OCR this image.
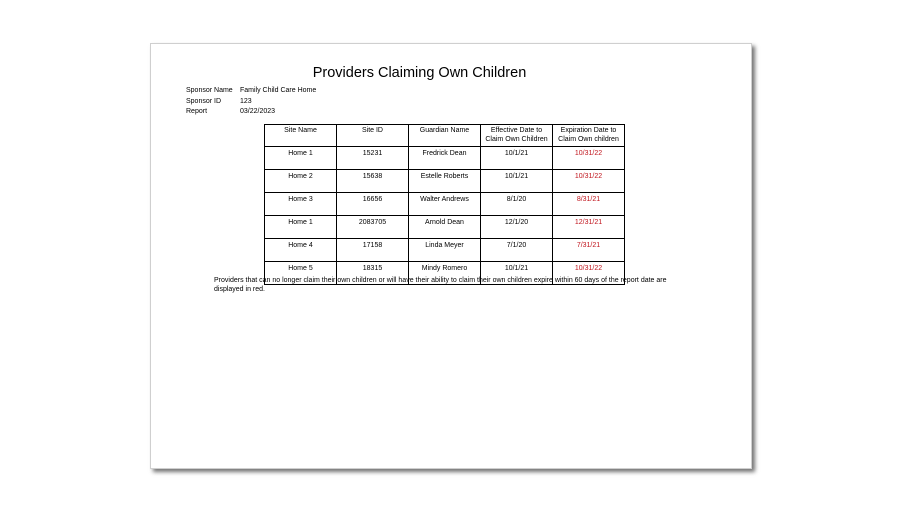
Providers Claiming Own Children
Sponsor Name	Family Child Care Home
Sponsor ID	123
Report	03/22/2023
Site Name	Site ID	Guardian Name	Effective Date to Claim Own Children	Expiration Date to Claim Own children
Home 1	15231	Fredrick Dean	10/1/21	10/31/22
Home 2	15638	Estelle Roberts	10/1/21	10/31/22
Home 3	16656	Walter Andrews	8/1/20	8/31/21
Home 1	2083705	Arnold Dean	12/1/20	12/31/21
Home 4	17158	Linda Meyer	7/1/20	7/31/21
Home 5	18315	Mindy Romero	10/1/21	10/31/22
Providers that can no longer claim their own children or will have their ability to claim their own children expire within 60 days of the report date are displayed in red.
